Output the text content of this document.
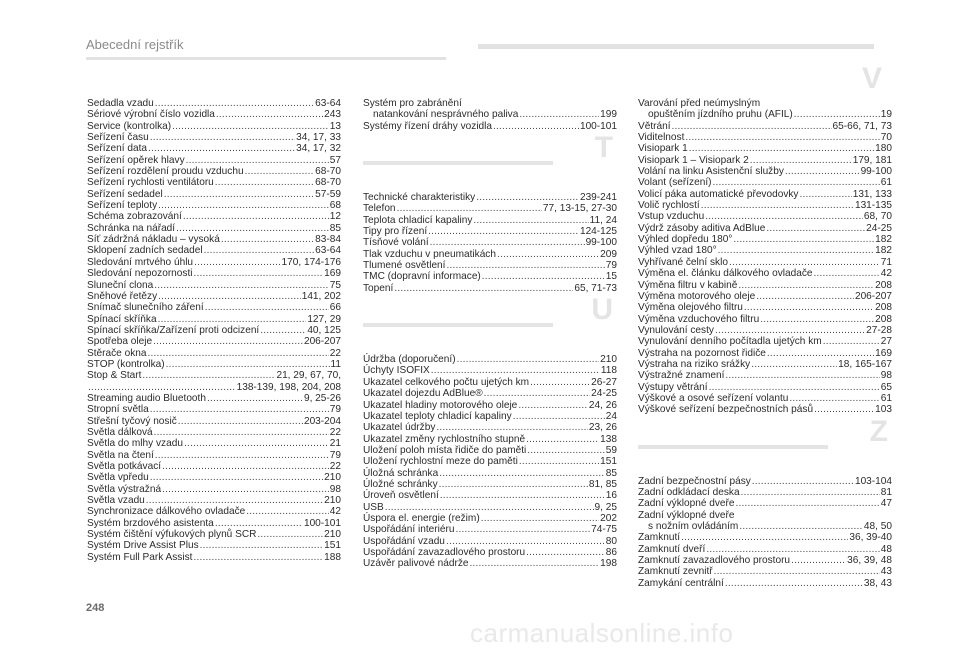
Abecední rejstřík
Sedadla vzadu .....	63-64
Sériové výrobní číslo vozidla .....	243
Service (kontrolka) .....	13
Seřízení času .....	34, 17, 33
Seřízení data .....	34, 17, 32
Seřízení opěrek hlavy .....	57
Seřízení rozdělení proudu vzduchu .....	68-70
Seřízení rychlosti ventilátoru .....	68-70
Seřízení sedadel .....	57-59
Seřízení teploty .....	68
Schéma zobrazování .....	12
Schránka na nářadí .....	85
Síť zádržná nákladu – vysoká .....	83-84
Sklopení zadních sedadel .....	63-64
Sledování mrtvého úhlu .....	170, 174-176
Sledování nepozornosti .....	169
Sluneční clona .....	75
Sněhové řetězy .....	141, 202
Snímač slunečního záření .....	66
Spínací skříňka .....	127, 29
Spínací skříňka/Zařízení proti odcizení .....	40, 125
Spotřeba oleje .....	206-207
Stěrače okna .....	22
STOP (kontrolka) .....	11
Stop & Start .....	21, 29, 67, 70,
.....
138-139, 198, 204, 208
Streaming audio Bluetooth .....	9, 25-26
Stropní světla .....	79
Střešní tyčový nosič .....	203-204
Světla dálková .....	22
Světla do mlhy vzadu .....	21
Světla na čtení .....	79
Světla potkávací .....	22
Světla vpředu .....	210
Světla výstražná .....	98
Světla vzadu .....	210
Synchronizace dálkového ovladače .....	42
Systém brzdového asistenta .....	100-101
Systém čištění výfukových plynů SCR .....	210
Systém Drive Assist Plus .....	151
Systém Full Park Assist .....	188
Systém pro zabránění
natankování nesprávného paliva .....	199
Systémy řízení dráhy vozidla .....	100-101
T
Technické charakteristiky .....	239-241
Telefon .....	77, 13-15, 27-30
Teplota chladicí kapaliny .....	11, 24
Tipy pro řízení .....	124-125
Tísňové volání .....	99-100
Tlak vzduchu v pneumatikách .....	209
Tlumené osvětlení .....	79
TMC (dopravní informace) .....	15
Topení .....	65, 71-73
U
Údržba (doporučení) .....	210
Úchyty ISOFIX .....	118
Ukazatel celkového počtu ujetých km .....	26-27
Ukazatel dojezdu AdBlue® .....	24-25
Ukazatel hladiny motorového oleje .....	24, 26
Ukazatel teploty chladicí kapaliny .....	24
Ukazatel údržby .....	23, 26
Ukazatel změny rychlostního stupně .....	138
Uložení poloh místa řidiče do paměti .....	59
Uložení rychlostní meze do paměti .....	151
Úložná schránka .....	85
Úložné schránky .....	81, 85
Úroveň osvětlení .....	16
USB .....	9, 25
Úspora el. energie (režim) .....	202
Uspořádání interiéru .....	74-75
Uspořádání vzadu .....	80
Uspořádání zavazadlového prostoru .....	86
Uzávěr palivové nádrže .....	198
Varování před neúmyslným
opuštěním jízdního pruhu (AFIL) .....	19
Větrání .....	65-66, 71, 73
Viditelnost .....	70
Visiopark 1 .....	180
Visiopark 1 – Visiopark 2 .....	179, 181
Volání na linku Asistenční služby .....	99-100
Volant (seřízení) .....	61
Volicí páka automatické převodovky .....	131, 133
Volič rychlostí .....	131-135
Vstup vzduchu .....	68, 70
Výdrž zásoby aditiva AdBlue .....	24-25
Výhled dopředu 180° .....	182
Výhled vzad 180° .....	182
Vyhřívané čelní sklo .....	71
Výměna el. článku dálkového ovladače .....	42
Výměna filtru v kabině .....	208
Výměna motorového oleje .....	206-207
Výměna olejového filtru .....	208
Výměna vzduchového filtru .....	208
Vynulování cesty .....	27-28
Vynulování denního počítadla ujetých km .....	27
Výstraha na pozornost řidiče .....	169
Výstraha na riziko srážky .....	18, 165-167
Výstražné znamení .....	98
Výstupy větrání .....	65
Výškové a osové seřízení volantu .....	61
Výškové seřízení bezpečnostních pásů .....	103
Z
Zadní bezpečnostní pásy .....	103-104
Zadní odkládací deska .....	81
Zadní výklopné dveře .....	47
Zadní výklopné dveře
s nožním ovládáním .....	48, 50
Zamknutí .....	36, 39-40
Zamknutí dveří .....	48
Zamknutí zavazadlového prostoru .....	36, 39, 48
Zamknutí zevnitř .....	43
Zamykání centrální .....	38, 43
V
248
carmanualsonline.info
